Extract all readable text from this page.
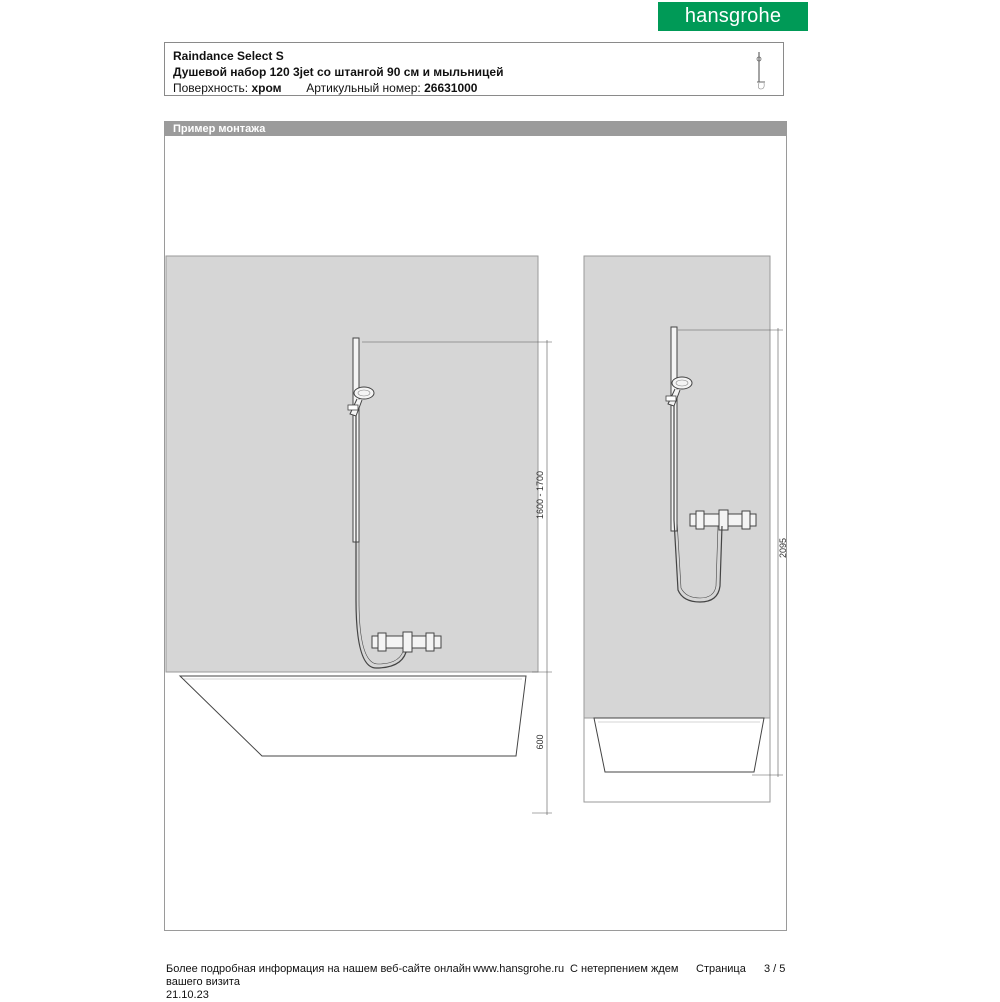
hansgrohe
Raindance Select S
Душевой набор 120 3jet со штангой 90 см и мыльницей
Поверхность: хром Артикульный номер: 26631000
Пример монтажа
1600 - 1700
600
2095
Более подробная информация на нашем веб-сайте онлайн www.hansgrohe.ru С нетерпением ждем Страница 3 / 5
вашего визита
21.10.23
